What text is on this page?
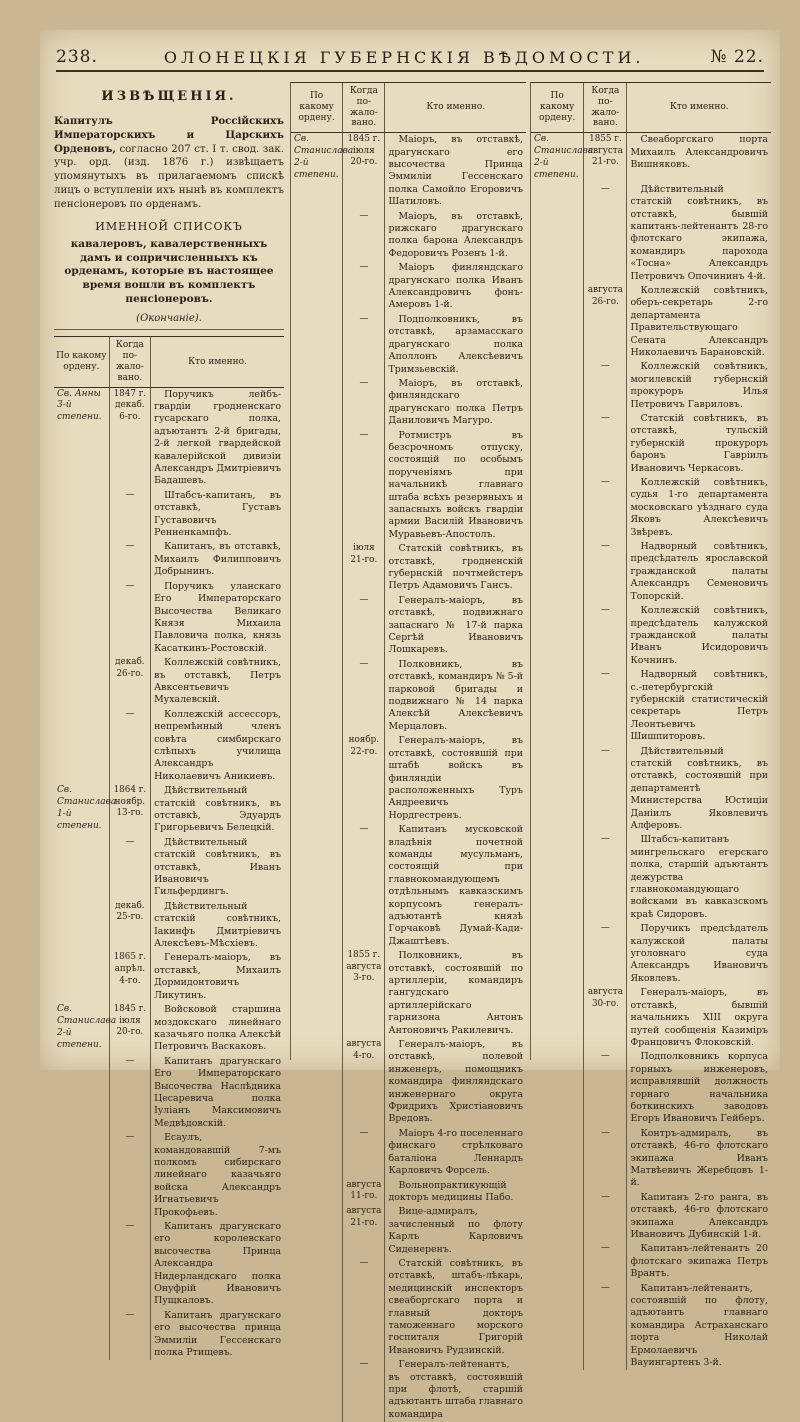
238.	ОЛОНЕЦКІЯ ГУБЕРНСКІЯ ВѢДОМОСТИ.	№ 22.
ИЗВѢЩЕНІЯ.
Капитулъ Россійскихъ Императорскихъ и Царскихъ Орденовъ, согласно 207 ст. I т. свод. зак. учр. орд. (изд. 1876 г.) извѣщаетъ упомянутыхъ въ прилагаемомъ спискѣ лицъ о вступленіи ихъ нынѣ въ комплектъ пенсіонеровъ по орденамъ.
ИМЕННОЙ СПИСОКЪ
кавалеровъ, кавалерственныхъ дамъ и сопричисленныхъ къ орденамъ, которые въ настоящее время вошли въ комплектъ пенсіонеровъ.
(Окончаніе).
По какому ордену.	Когда по-жало-вано.	Кто именно.
Св. Анны 3-й степени.	1847 г. декаб. 6-го.	Поручикъ лейбъ-гвардіи гродненскаго гусарскаго полка, адъютантъ 2-й бригады, 2-й легкой гвардейской кавалерійской дивизіи Александръ Дмитріевичъ Бадашевъ.
	—	Штабсъ-капитанъ, въ отставкѣ, Густавъ Густавовичъ Ренненкампфъ.
	—	Капитанъ, въ отставкѣ, Михаилъ Филипповичъ Добрынинъ.
	—	Поручикъ уланскаго Его Императорскаго Высочества Великаго Князя Михаила Павловича полка, князь Касаткинъ-Ростовскій.
	декаб. 26-го.	Коллежскій совѣтникъ, въ отставкѣ, Петръ Авксентьевичъ Мухалевскій.
	—	Коллежскій ассессоръ, непремѣнный членъ совѣта симбирскаго слѣпыхъ училища Александръ Николаевичъ Аникиевъ.
Св. Станислава 1-й степени.	1864 г. ноябр. 13-го.	Дѣйствительный статскій совѣтникъ, въ отставкѣ, Эдуардъ Григорьевичъ Белецкій.
	—	Дѣйствительный статскій совѣтникъ, въ отставкѣ, Иванъ Ивановичъ Гильфердингъ.
	декаб. 25-го.	Дѣйствительный статскій совѣтникъ, Іакинфъ Дмитріевичъ Алексѣевъ-Мѣсхіевъ.
	1865 г. апрѣл. 4-го.	Генералъ-маіоръ, въ отставкѣ, Михаилъ Дормидонтовичъ Ликутинъ.
Св. Станислава 2-й степени.	1845 г. іюля 20-го.	Войсковой старшина моздокскаго линейнаго казачьяго полка Алексѣй Петровичъ Васкаковъ.
	—	Капитанъ драгунскаго Его Императорскаго Высочества Наслѣдника Цесаревича полка Іуліанъ Максимовичъ Медвѣдовскій.
	—	Есаулъ, командовавшій 7-мъ полкомъ сибирскаго линейнаго казачьяго войска Александръ Игнатьевичъ Прокофьевъ.
	—	Капитанъ драгунскаго его королевскаго высочества Принца Александра Нидерландскаго полка Онуфрій Ивановичъ Пущкаловъ.
	—	Капитанъ драгунскаго его высочества принца Эммиліи Гессенскаго полка Ртищевъ.
По какому ордену.	Когда по-жало-вано.	Кто именно.
Св. Станислава 2-й степени.	1845 г. іюля 20-го.	Маіоръ, въ отставкѣ, драгунскаго его высочества Принца Эммиліи Гессенскаго полка Самойло Егоровичъ Шатиловъ.
	—	Маіоръ, въ отставкѣ, рижскаго драгунскаго полка барона Александръ Федоровичъ Розенъ 1-й.
	—	Маіоръ финляндскаго драгунскаго полка Иванъ Александровичъ фонъ-Амеровъ 1-й.
	—	Подполковникъ, въ отставкѣ, арзамасскаго драгунскаго полка Аполлонъ Алексѣевичъ Тримзьевскій.
	—	Маіоръ, въ отставкѣ, финляндскаго драгунскаго полка Петръ Даниловичъ Магуро.
	—	Ротмистръ въ безсрочномъ отпуску, состоящій по особымъ порученіямъ при начальникѣ главнаго штаба всѣхъ резервныхъ и запасныхъ войскъ гвардіи армии Василій Ивановичъ Муравьевъ-Апостолъ.
	іюля 21-го.	Статскій совѣтникъ, въ отставкѣ, гродненскій губернскій почтмейстеръ Петръ Адамовичъ Гансъ.
	—	Генералъ-маіоръ, въ отставкѣ, подвижнаго запаснаго № 17-й парка Сергѣй Ивановичъ Лошкаревъ.
	—	Полковникъ, въ отставкѣ, командиръ № 5-й парковой бригады и подвижнаго № 14 парка Алексѣй Алексѣевичъ Мерцаловъ.
	ноябр. 22-го.	Генералъ-маіоръ, въ отставкѣ, состоявшій при штабѣ войскъ въ финляндіи расположенныхъ Туръ Андреевичъ Нордгестренъ.
	—	Капитанъ мусковской владѣнія почетной команды мусульманъ, состоящій при главнокомандующемъ отдѣльнымъ кавказскимъ корпусомъ генералъ-адъютантѣ князѣ Горчаковѣ Думай-Кади-Джаштѣевъ.
	1855 г. августа 3-го.	Полковникъ, въ отставкѣ, состоявшій по артиллеріи, командиръ гангудскаго артиллерійскаго гарнизона Антонъ Антоновичъ Ракилевичъ.
	августа 4-го.	Генералъ-маіоръ, въ отставкѣ, полевой инженеръ, помощникъ командира финляндскаго инженернаго округа Фридрихъ Христіановичъ Вредовъ.
	—	Маіоръ 4-го поселеннаго финскаго стрѣлковаго баталіона Леннардъ Карловичъ Форсель.
	августа 11-го.	Вольнопрактикующій докторъ медицины Пабо.
	августа 21-го.	Вице-адмиралъ, зачисленный по флоту Карлъ Карловичъ Сиденеренъ.
	—	Статскій совѣтникъ, въ отставкѣ, штабъ-лѣкарь, медицинскій инспекторъ свеаборгскаго порта и главный докторъ таможеннаго морского госпиталя Григорій Ивановичъ Рудзинскій.
	—	Генералъ-лейтенантъ, въ отставкѣ, состоявшій при флотѣ, старшій адъютантъ штаба главнаго командира
По какому ордену.	Когда по-жало-вано.	Кто именно.
Св. Станислава 2-й степени.	1855 г. августа 21-го.	Свеаборгскаго порта Михаилъ Александровичъ Вишняковъ.
	—	Дѣйствительный статскій совѣтникъ, въ отставкѣ, бывшій капитанъ-лейтенантъ 28-го флотскаго экипажа, командиръ парохода «Тосна» Александръ Петровичъ Опочининъ 4-й.
	августа 26-го.	Коллежскій совѣтникъ, оберъ-секретарь 2-го департамента Правительствующаго Сената Александръ Николаевичъ Барановскій.
	—	Коллежскій совѣтникъ, могилевскій губернскій прокуроръ Илья Петровичъ Гавриловъ.
	—	Статскій совѣтникъ, въ отставкѣ, тульскій губернскій прокуроръ баронъ Гавріилъ Ивановичъ Черкасовъ.
	—	Коллежскій совѣтникъ, судья 1-го департамента московскаго уѣзднаго суда Яковъ Алексѣевичъ Звѣревъ.
	—	Надворный совѣтникъ, предсѣдатель ярославской гражданской палаты Александръ Семеновичъ Топорскій.
	—	Коллежскій совѣтникъ, предсѣдатель калужской гражданской палаты Иванъ Исидоровичъ Кочнинъ.
	—	Надворный совѣтникъ, с.-петербургскій губернскій статистическій секретарь Петръ Леонтьевичъ Шишпиторовъ.
	—	Дѣйствительный статскій совѣтникъ, въ отставкѣ, состоявшій при департаментѣ Министерства Юстиціи Даніилъ Яковлевичъ Алферовъ.
	—	Штабсъ-капитанъ мингрельскаго егерскаго полка, старшій адъютантъ дежурства главнокомандующаго войсками въ кавказскомъ краѣ Сидоровъ.
	—	Поручикъ предсѣдатель калужской палаты уголовнаго суда Александръ Ивановичъ Яковлевъ.
	августа 30-го.	Генералъ-маіоръ, въ отставкѣ, бывшій начальникъ XIII округа путей сообщенія Казиміръ Францовичъ Флоковскій.
	—	Подполковникъ корпуса горныхъ инженеровъ, исправлявшій должность горнаго начальника боткинскихъ заводовъ Егоръ Ивановичъ Гейберъ.
	—	Контръ-адмиралъ, въ отставкѣ, 46-го флотскаго экипажа Иванъ Матвѣевичъ Жеребцовъ 1-й.
	—	Капитанъ 2-го ранга, въ отставкѣ, 46-го флотскаго экипажа Александръ Ивановичъ Дубинскій 1-й.
	—	Капитанъ-лейтенантъ 20 флотскаго экипажа Петръ Врантъ.
	—	Капитанъ-лейтенантъ, состоявшій по флоту, адъютантъ главнаго командира Астраханскаго порта Николай Ермолаевичъ Вауингартенъ 3-й.
